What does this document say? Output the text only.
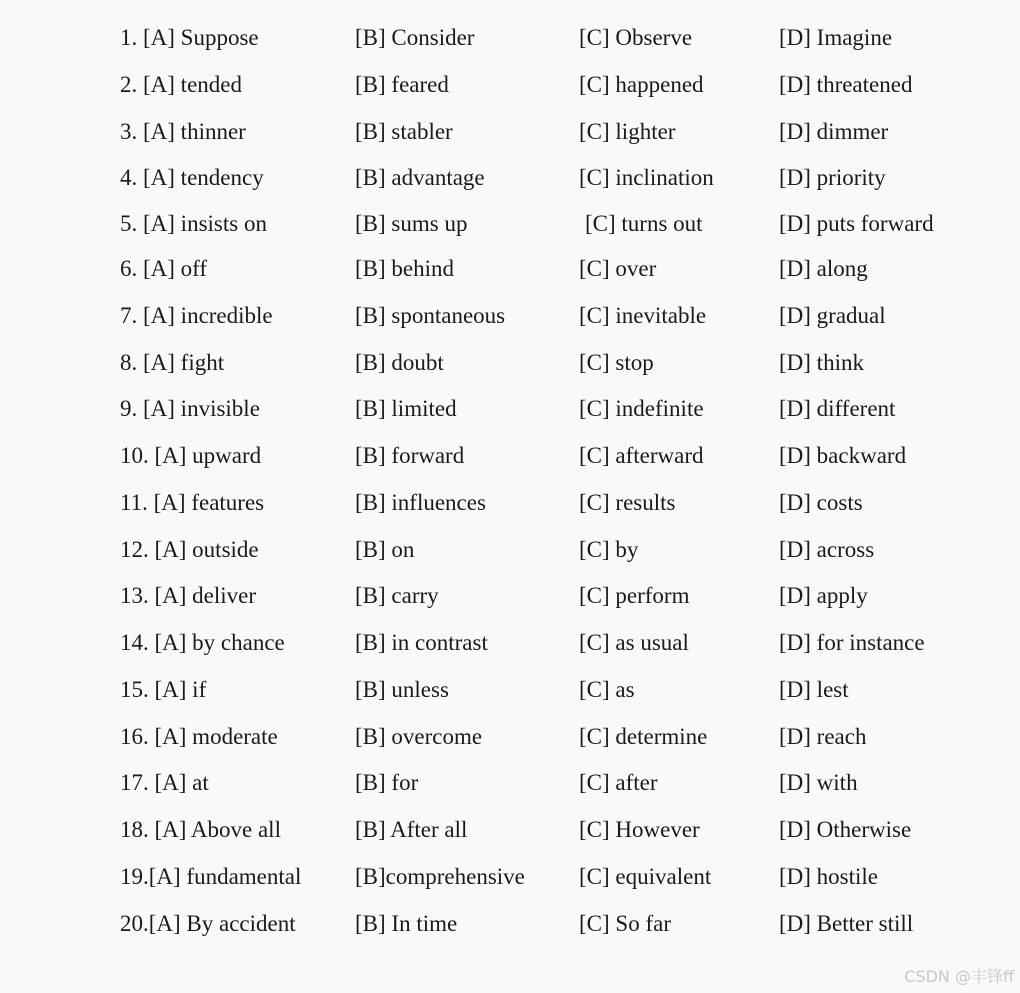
1. [A] Suppose	[B] Consider	[C] Observe	[D] Imagine
2. [A] tended	[B] feared	[C] happened	[D] threatened
3. [A] thinner	[B] stabler	[C] lighter	[D] dimmer
4. [A] tendency	[B] advantage	[C] inclination	[D] priority
5. [A] insists on	[B] sums up	[C] turns out	[D] puts forward
6. [A] off	[B] behind	[C] over	[D] along
7. [A] incredible	[B] spontaneous	[C] inevitable	[D] gradual
8. [A] fight	[B] doubt	[C] stop	[D] think
9. [A] invisible	[B] limited	[C] indefinite	[D] different
10. [A] upward	[B] forward	[C] afterward	[D] backward
11. [A] features	[B] influences	[C] results	[D] costs
12. [A] outside	[B] on	[C] by	[D] across
13. [A] deliver	[B] carry	[C] perform	[D] apply
14. [A] by chance	[B] in contrast	[C] as usual	[D] for instance
15. [A] if	[B] unless	[C] as	[D] lest
16. [A] moderate	[B] overcome	[C] determine	[D] reach
17. [A] at	[B] for	[C] after	[D] with
18. [A] Above all	[B] After all	[C] However	[D] Otherwise
19.[A] fundamental [B]comprehensive [C] equivalent	[D] hostile
20.[A] By accident	[B] In time	[C] So far	[D] Better still
CSDN @丰锋ff
